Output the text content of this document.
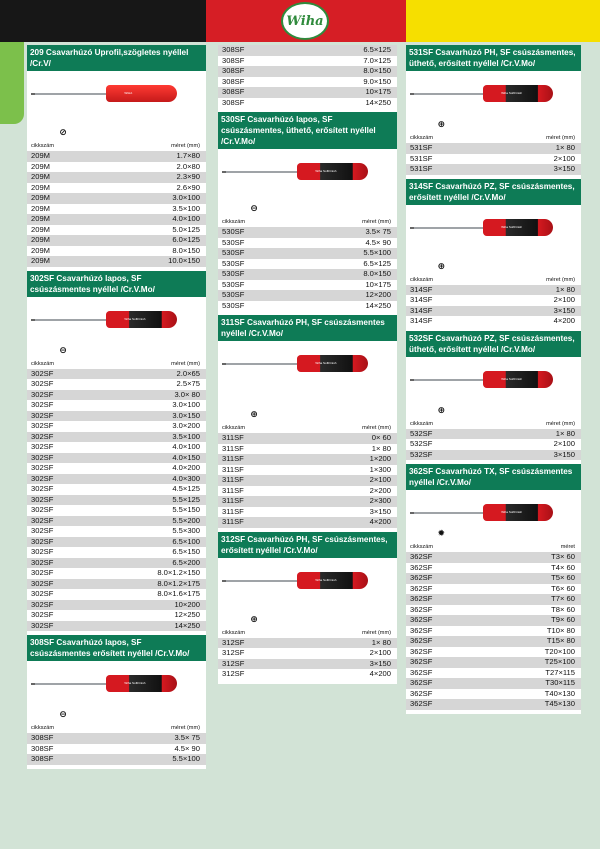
Wiha
209 Csavarhúzó Uprofil,szögletes nyéllel /Cr.V/
WIHA
⊘
cikkszám	méret (mm)
209M	1.7×80
209M	2.0×80
209M	2.3×90
209M	2.6×90
209M	3.0×100
209M	3.5×100
209M	4.0×100
209M	5.0×125
209M	6.0×125
209M	8.0×150
209M	10.0×150
302SF Csavarhúzó lapos, SF csúszásmentes nyéllel /Cr.V.Mo/
Wiha SoftFinish
⊖
cikkszám	méret (mm)
302SF	2.0×65
302SF	2.5×75
302SF	3.0× 80
302SF	3.0×100
302SF	3.0×150
302SF	3.0×200
302SF	3.5×100
302SF	4.0×100
302SF	4.0×150
302SF	4.0×200
302SF	4.0×300
302SF	4.5×125
302SF	5.5×125
302SF	5.5×150
302SF	5.5×200
302SF	5.5×300
302SF	6.5×100
302SF	6.5×150
302SF	6.5×200
302SF	8.0×1.2×150
302SF	8.0×1.2×175
302SF	8.0×1.6×175
302SF	10×200
302SF	12×250
302SF	14×250
308SF Csavarhúzó lapos, SF csúszásmentes erősített nyéllel /Cr.V.Mo/
Wiha SoftFinish
⊖
cikkszám	méret (mm)
308SF	3.5× 75
308SF	4.5× 90
308SF	5.5×100
308SF	6.5×125
308SF	7.0×125
308SF	8.0×150
308SF	9.0×150
308SF	10×175
308SF	14×250
530SF Csavarhúzó lapos, SF csúszásmentes, üthető, erősített nyéllel /Cr.V.Mo/
Wiha SoftFinish
⊖
cikkszám	méret (mm)
530SF	3.5× 75
530SF	4.5× 90
530SF	5.5×100
530SF	6.5×125
530SF	8.0×150
530SF	10×175
530SF	12×200
530SF	14×250
311SF Csavarhúzó PH, SF csúszásmentes nyéllel /Cr.V.Mo/
Wiha SoftFinish
⊕
cikkszám	méret (mm)
311SF	0× 60
311SF	1× 80
311SF	1×200
311SF	1×300
311SF	2×100
311SF	2×200
311SF	2×300
311SF	3×150
311SF	4×200
312SF Csavarhúzó PH, SF csúszásmentes, erősített nyéllel /Cr.V.Mo/
Wiha SoftFinish
⊕
cikkszám	méret (mm)
312SF	1× 80
312SF	2×100
312SF	3×150
312SF	4×200
531SF Csavarhúzó PH, SF csúszásmentes, üthető, erősített nyéllel /Cr.V.Mo/
Wiha SoftFinish
⊕
cikkszám	méret (mm)
531SF	1× 80
531SF	2×100
531SF	3×150
314SF Csavarhúzó PZ, SF csúszásmentes, erősített nyéllel /Cr.V.Mo/
Wiha SoftFinish
⊕
cikkszám	méret (mm)
314SF	1× 80
314SF	2×100
314SF	3×150
314SF	4×200
532SF Csavarhúzó PZ, SF csúszásmentes, üthető, erősített nyéllel /Cr.V.Mo/
Wiha SoftFinish
⊕
cikkszám	méret (mm)
532SF	1× 80
532SF	2×100
532SF	3×150
362SF Csavarhúzó TX, SF csúszásmentes nyéllel /Cr.V.Mo/
Wiha SoftFinish
✹
cikkszám	méret
362SF	T3× 60
362SF	T4× 60
362SF	T5× 60
362SF	T6× 60
362SF	T7× 60
362SF	T8× 60
362SF	T9× 60
362SF	T10× 80
362SF	T15× 80
362SF	T20×100
362SF	T25×100
362SF	T27×115
362SF	T30×115
362SF	T40×130
362SF	T45×130
